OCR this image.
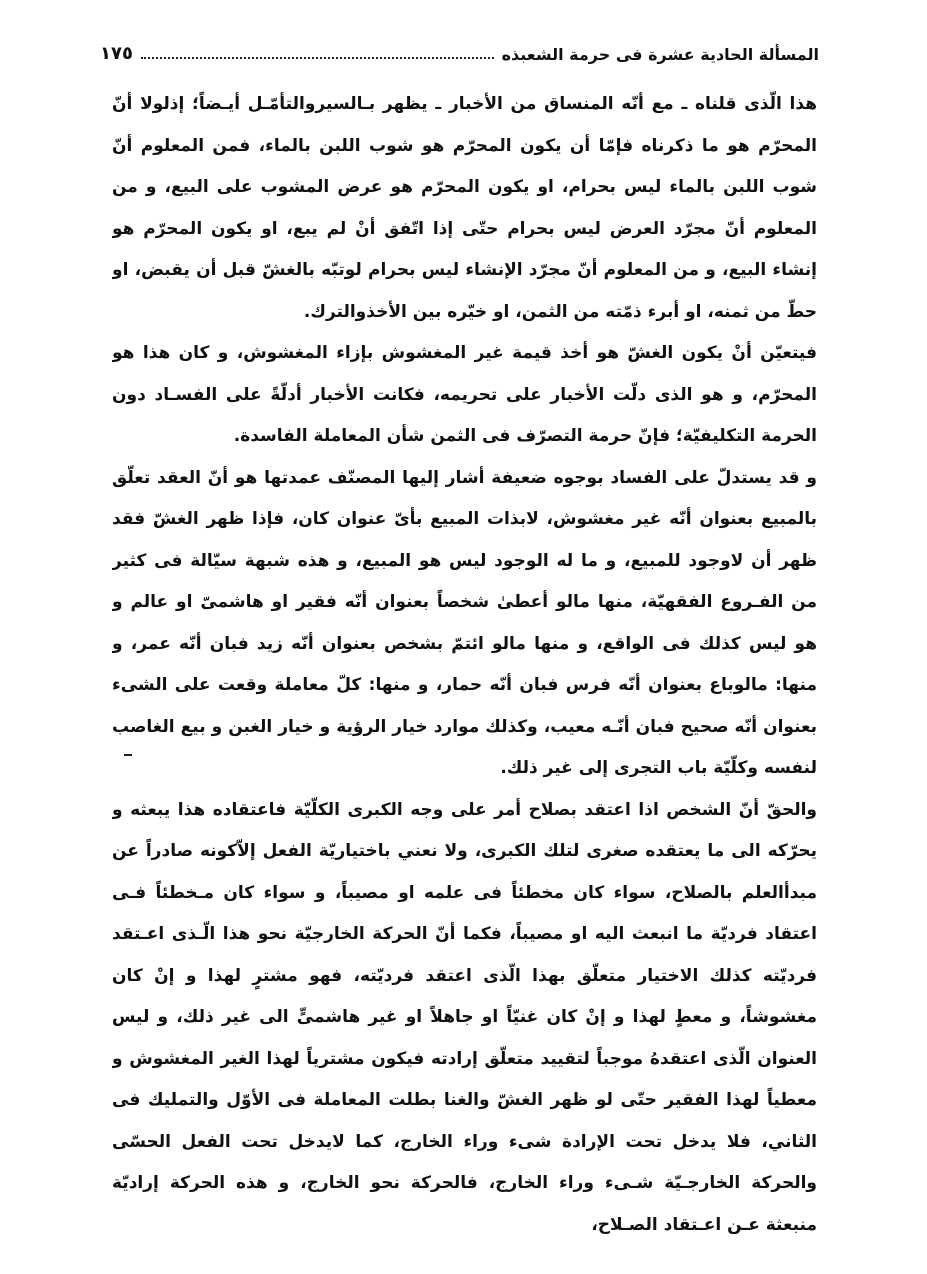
المسألة الحادية عشرة فى حرمة الشعبذه
١٧٥

هذا الّذى قلناه ـ مع أنّه المنساق من الأخبار ـ يظهر بـالسيروالتأمّـل أيـضاً؛ إذلولا أنّ المحرّم هو ما ذكرناه فإمّا أن يكون المحرّم هو شوب اللبن بالماء، فمن المعلوم أنّ شوب اللبن بالماء ليس بحرام، او يكون المحرّم هو عرض المشوب على البيع، و من المعلوم أنّ مجرّد العرض ليس بحرام حتّى إذا اتّفق أنْ لم يبع، او يكون المحرّم هو إنشاء البيع، و من المعلوم أنّ مجرّد الإنشاء ليس بحرام لوتبّه بالغشّ قبل أن يقبض، او حطّ من ثمنه، او أبرء ذمّته من الثمن، او خيّره بين الأخذوالترك.

فيتعيّن أنْ يكون الغشّ هو أخذ قيمة غير المغشوش بإزاء المغشوش، و كان هذا هو المحرّم، و هو الذى دلّت الأخبار على تحريمه، فكانت الأخبار أدلّةً على الفسـاد دون الحرمة التكليفيّة؛ فإنّ حرمة التصرّف فى الثمن شأن المعاملة الفاسدة.

و قد يستدلّ على الفساد بوجوه ضعيفة أشار إليها المصنّف عمدتها هو أنّ العقد تعلّق بالمبيع بعنوان أنّه غير مغشوش، لابذات المبيع بأىّ عنوان كان، فإذا ظهر الغشّ فقد ظهر أن لاوجود للمبيع، و ما له الوجود ليس هو المبيع، و هذه شبهة سيّالة فى كثير من الفـروع الفقهيّة، منها مالو أعطىٰ شخصاً بعنوان أنّه فقير او هاشمىّ او عالم و هو ليس كذلك فى الواقع، و منها مالو ائتمّ بشخص بعنوان أنّه زيد فبان أنّه عمر، و منها: مالوباع بعنوان أنّه فرس فبان أنّه حمار، و منها: كلّ معاملة وقعت على الشىء بعنوان أنّه صحيح فبان أنّـه معيب، وكذلك موارد خيار الرؤية و خيار الغبن و بيع الغاصب لنفسه وكلّيّة باب التجرى إلى غير ذلك.

والحقّ أنّ الشخص اذا اعتقد بصلاح أمر على وجه الكبرى الكلّيّة فاعتقاده هذا يبعثه و يحرّكه الى ما يعتقده صغرى لتلك الكبرى، ولا نعني باختياريّة الفعل إلاّكونه صادراً عن مبدأالعلم بالصلاح، سواء كان مخطئاً فى علمه او مصيباً، و سواء كان مـخطئاً فـى اعتقاد فرديّة ما انبعث اليه او مصيباً، فكما أنّ الحركة الخارجيّة نحو هذا الّـذى اعـتقد فرديّته كذلك الاختيار متعلّق بهذا الّذى اعتقد فرديّته، فهو مشترٍ لهذا و إنْ كان مغشوشاً، و معطٍ لهذا و إنْ كان غنيّاً او جاهلاً او غير هاشمىٍّ الى غير ذلك، و ليس العنوان الّذى اعتقدهُ موجباً لتقييد متعلّق إرادته فيكون مشترياً لهذا الغير المغشوش و معطياً لهذا الفقير حتّى لو ظهر الغشّ والغنا بطلت المعاملة فى الأوّل والتمليك فى الثاني، فلا يدخل تحت الإرادة شىء وراء الخارج، كما لايدخل تحت الفعل الحسّى والحركة الخارجـيّة شـىء وراء الخارج، فالحركة نحو الخارج، و هذه الحركة إراديّة منبعثة عـن اعـتقاد الصـلاح،
